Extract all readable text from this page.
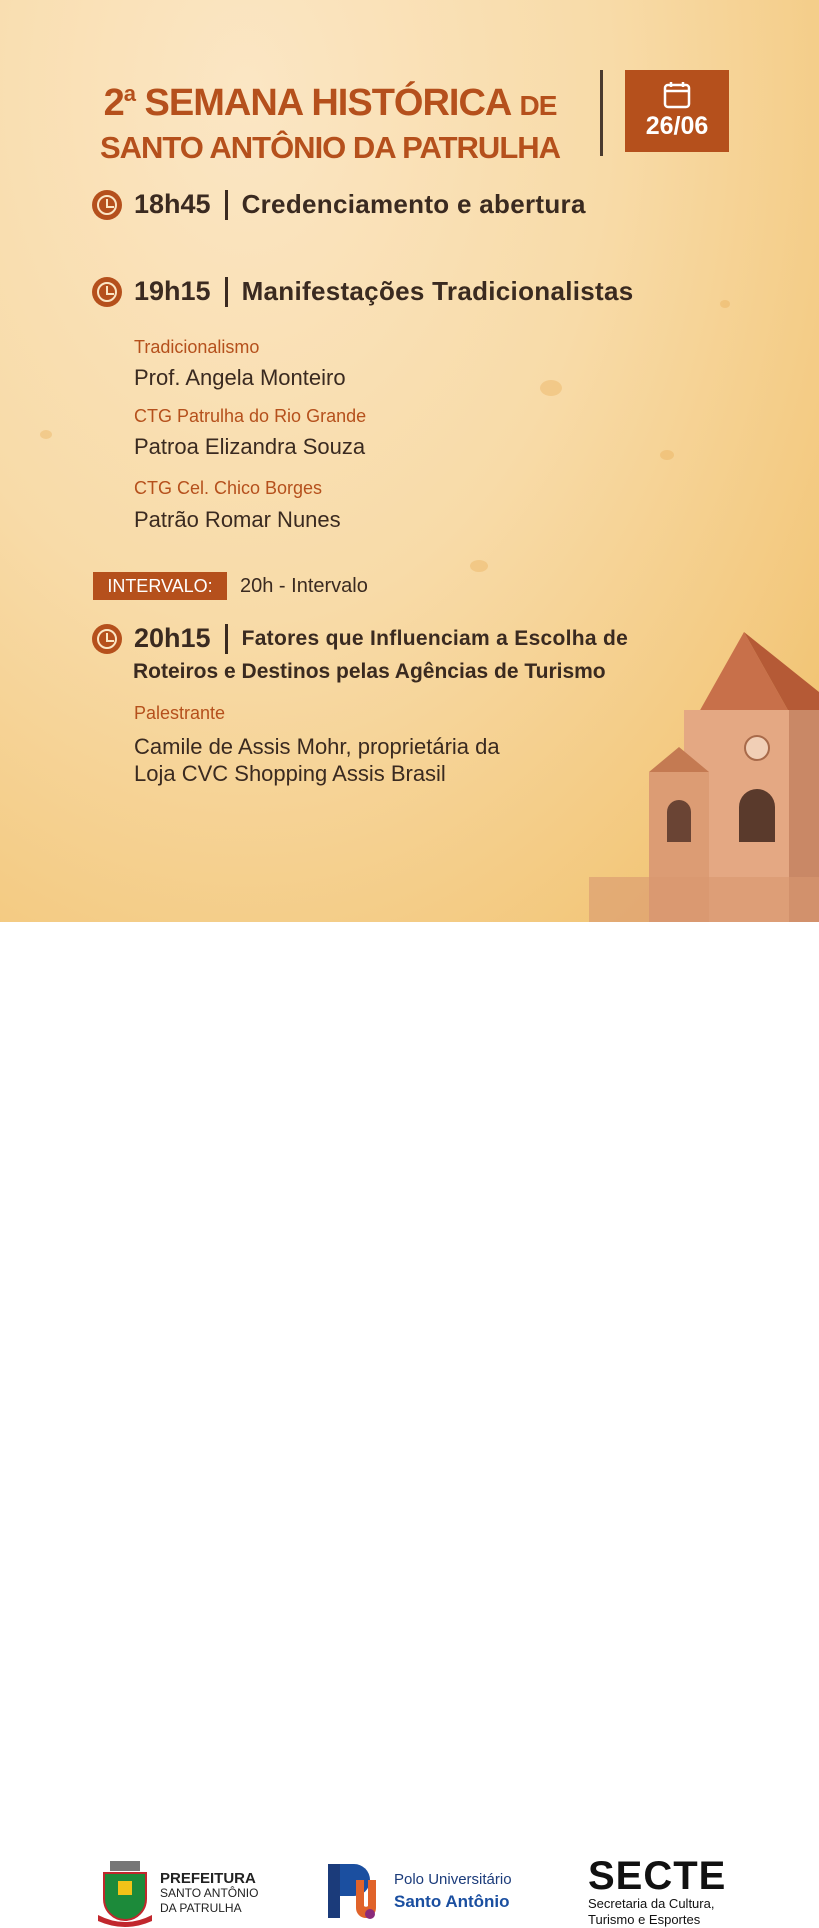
2$^a$ SEMANA HISTÓRICA DE
SANTO ANTÔNIO DA PATRULHA
26/06
18h45 Credenciamento e abertura
19h15 Manifestações Tradicionalistas
Tradicionalismo
Prof. Angela Monteiro
CTG Patrulha do Rio Grande
Patroa Elizandra Souza
CTG Cel. Chico Borges
Patrão Romar Nunes
INTERVALO:	20h - Intervalo
20h15 Fatores que Influenciam a Escolha de
Roteiros e Destinos pelas Agências de Turismo
Palestrante
Camile de Assis Mohr, proprietária da
Loja CVC Shopping Assis Brasil
PREFEITURA
SANTO ANTÔNIO
DA PATRULHA
Polo Universitário
Santo Antônio
SECTE
Secretaria da Cultura,
Turismo e Esportes
